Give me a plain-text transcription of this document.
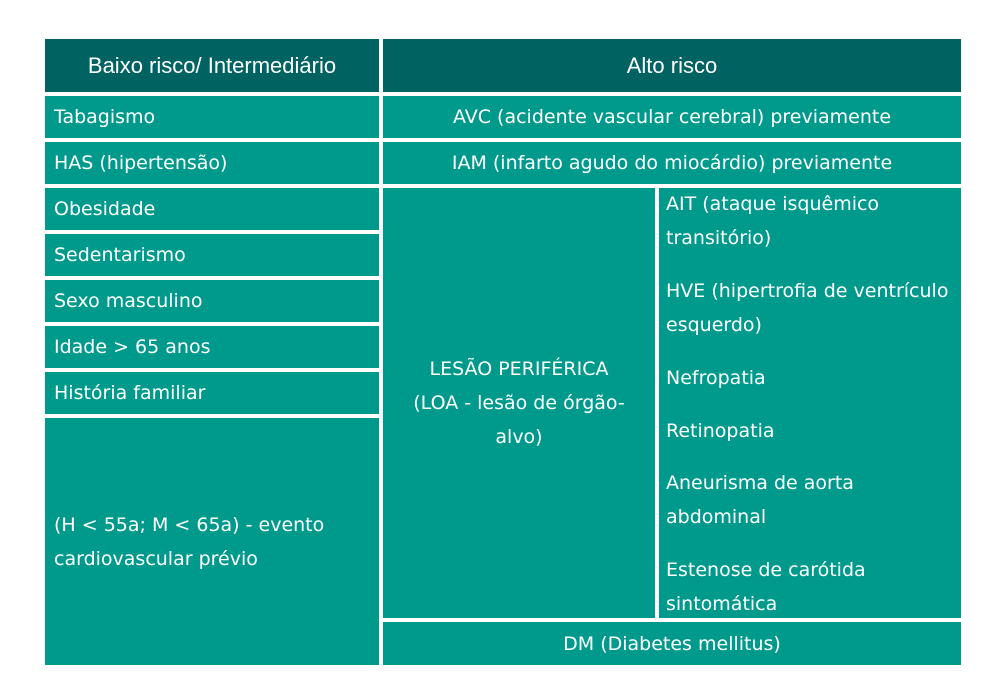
Baixo risco/ Intermediário	Alto risco
Tabagismo
HAS (hipertensão)
Obesidade
Sedentarismo
Sexo masculino
Idade > 65 anos
História familiar
(H < 55a; M < 65a) - evento cardiovascular prévio
AVC (acidente vascular cerebral) previamente
IAM (infarto agudo do miocárdio) previamente
LESÃO PERIFÉRICA (LOA - lesão de órgão-alvo)
AIT (ataque isquêmico transitório)
HVE (hipertrofia de ventrículo esquerdo)
Nefropatia
Retinopatia
Aneurisma de aorta abdominal
Estenose de carótida sintomática
DM (Diabetes mellitus)
